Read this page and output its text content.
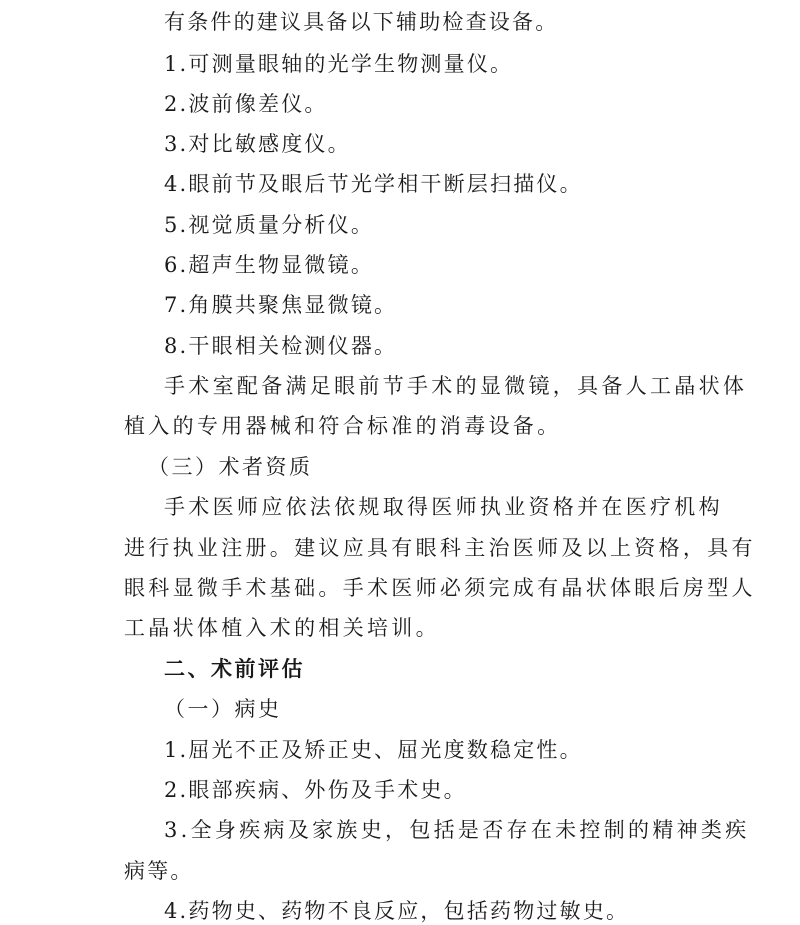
有条件的建议具备以下辅助检查设备。
1.可测量眼轴的光学生物测量仪。
2.波前像差仪。
3.对比敏感度仪。
4.眼前节及眼后节光学相干断层扫描仪。
5.视觉质量分析仪。
6.超声生物显微镜。
7.角膜共聚焦显微镜。
8.干眼相关检测仪器。
手术室配备满足眼前节手术的显微镜，具备人工晶状体
植入的专用器械和符合标准的消毒设备。
（三）术者资质
手术医师应依法依规取得医师执业资格并在医疗机构
进行执业注册。建议应具有眼科主治医师及以上资格，具有
眼科显微手术基础。手术医师必须完成有晶状体眼后房型人
工晶状体植入术的相关培训。
二、术前评估
（一）病史
1.屈光不正及矫正史、屈光度数稳定性。
2.眼部疾病、外伤及手术史。
3.全身疾病及家族史，包括是否存在未控制的精神类疾
病等。
4.药物史、药物不良反应，包括药物过敏史。
